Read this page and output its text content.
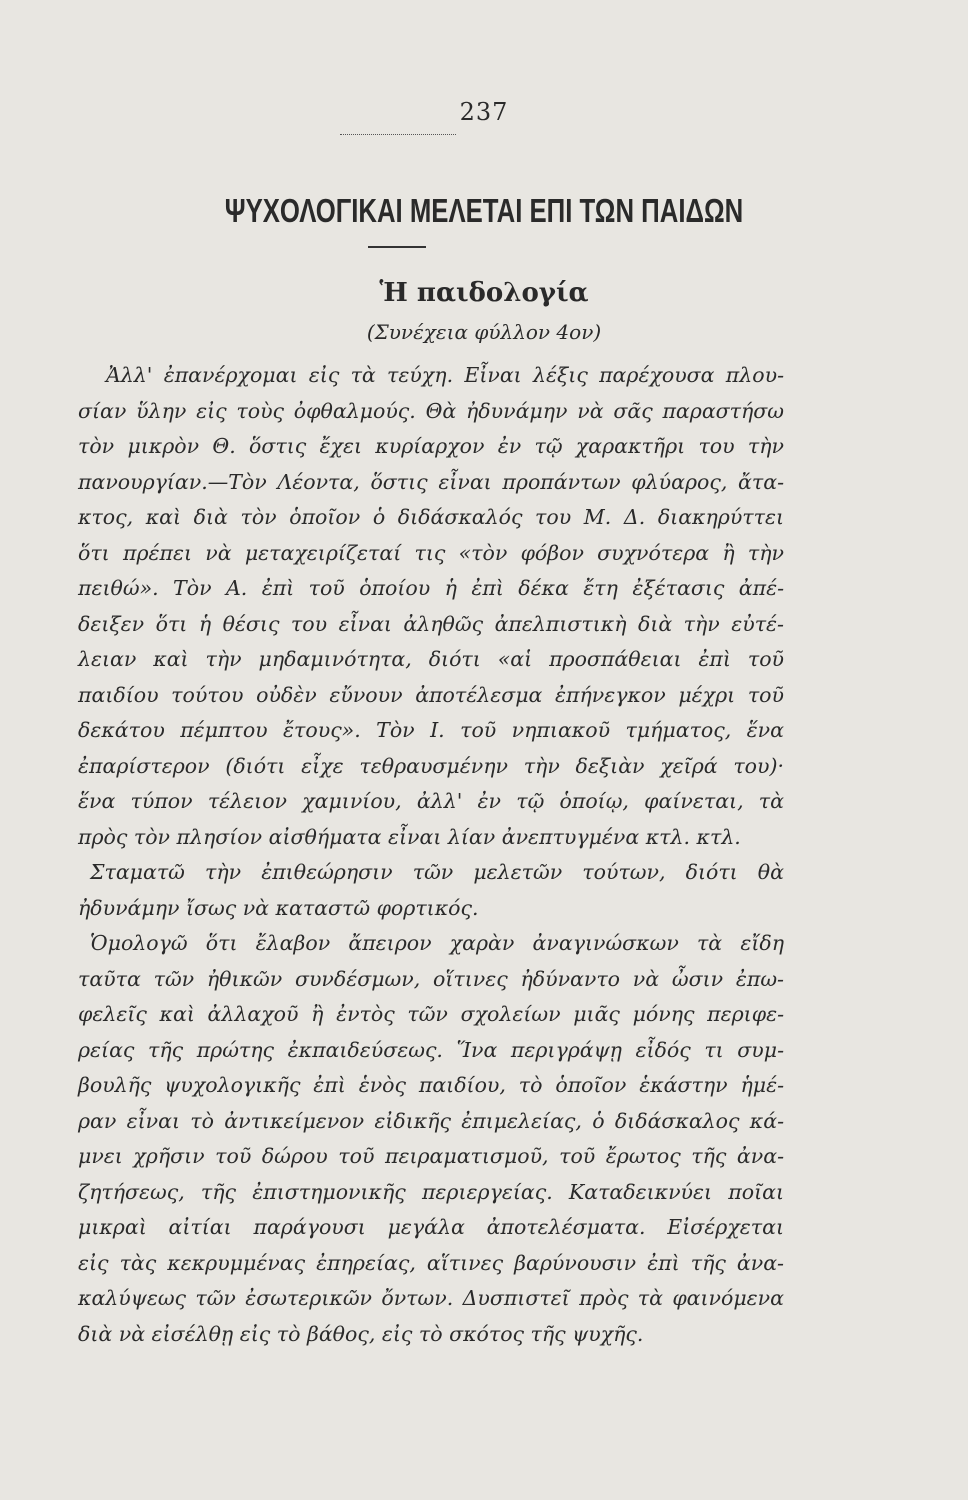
237
ΨΥΧΟΛΟΓΙΚΑΙ ΜΕΛΕΤΑΙ ΕΠΙ ΤΩΝ ΠΑΙΔΩΝ
Ἡ παιδολογία
(Συνέχεια φύλλον 4ον)
Ἀλλ' ἐπανέρχομαι εἰς τὰ τεύχη. Εἶναι λέξις παρέχουσα πλου-
σίαν ὕλην εἰς τοὺς ὀφθαλμούς. Θὰ ἠδυνάμην νὰ σᾶς παραστήσω
τὸν μικρὸν Θ. ὅστις ἔχει κυρίαρχον ἐν τῷ χαρακτῆρι του τὴν
πανουργίαν.—Τὸν Λέοντα, ὅστις εἶναι προπάντων φλύαρος, ἄτα-
κτος, καὶ διὰ τὸν ὁποῖον ὁ διδάσκαλός του Μ. Δ. διακηρύττει
ὅτι πρέπει νὰ μεταχειρίζεταί τις «τὸν φόβον συχνότερα ἢ τὴν
πειθώ». Τὸν Α. ἐπὶ τοῦ ὁποίου ἡ ἐπὶ δέκα ἔτη ἐξέτασις ἀπέ-
δειξεν ὅτι ἡ θέσις του εἶναι ἀληθῶς ἀπελπιστικὴ διὰ τὴν εὐτέ-
λειαν καὶ τὴν μηδαμινότητα, διότι «αἱ προσπάθειαι ἐπὶ τοῦ
παιδίου τούτου οὐδὲν εὔνουν ἀποτέλεσμα ἐπήνεγκον μέχρι τοῦ
δεκάτου πέμπτου ἔτους». Τὸν Ι. τοῦ νηπιακοῦ τμήματος, ἕνα
ἐπαρίστερον (διότι εἶχε τεθραυσμένην τὴν δεξιὰν χεῖρά του)·
ἕνα τύπον τέλειον χαμινίου, ἀλλ' ἐν τῷ ὁποίῳ, φαίνεται, τὰ
πρὸς τὸν πλησίον αἰσθήματα εἶναι λίαν ἀνεπτυγμένα κτλ. κτλ.
Σταματῶ τὴν ἐπιθεώρησιν τῶν μελετῶν τούτων, διότι θὰ
ἠδυνάμην ἴσως νὰ καταστῶ φορτικός.
Ὁμολογῶ ὅτι ἔλαβον ἄπειρον χαρὰν ἀναγινώσκων τὰ εἴδη
ταῦτα τῶν ἠθικῶν συνδέσμων, οἵτινες ἠδύναντο νὰ ὦσιν ἐπω-
φελεῖς καὶ ἀλλαχοῦ ἢ ἐντὸς τῶν σχολείων μιᾶς μόνης περιφε-
ρείας τῆς πρώτης ἐκπαιδεύσεως. Ἵνα περιγράψῃ εἶδός τι συμ-
βουλῆς ψυχολογικῆς ἐπὶ ἑνὸς παιδίου, τὸ ὁποῖον ἑκάστην ἡμέ-
ραν εἶναι τὸ ἀντικείμενον εἰδικῆς ἐπιμελείας, ὁ διδάσκαλος κά-
μνει χρῆσιν τοῦ δώρου τοῦ πειραματισμοῦ, τοῦ ἔρωτος τῆς ἀνα-
ζητήσεως, τῆς ἐπιστημονικῆς περιεργείας. Καταδεικνύει ποῖαι
μικραὶ αἰτίαι παράγουσι μεγάλα ἀποτελέσματα. Εἰσέρχεται
εἰς τὰς κεκρυμμένας ἐπηρείας, αἵτινες βαρύνουσιν ἐπὶ τῆς ἀνα-
καλύψεως τῶν ἐσωτερικῶν ὄντων. Δυσπιστεῖ πρὸς τὰ φαινόμενα
διὰ νὰ εἰσέλθῃ εἰς τὸ βάθος, εἰς τὸ σκότος τῆς ψυχῆς.
